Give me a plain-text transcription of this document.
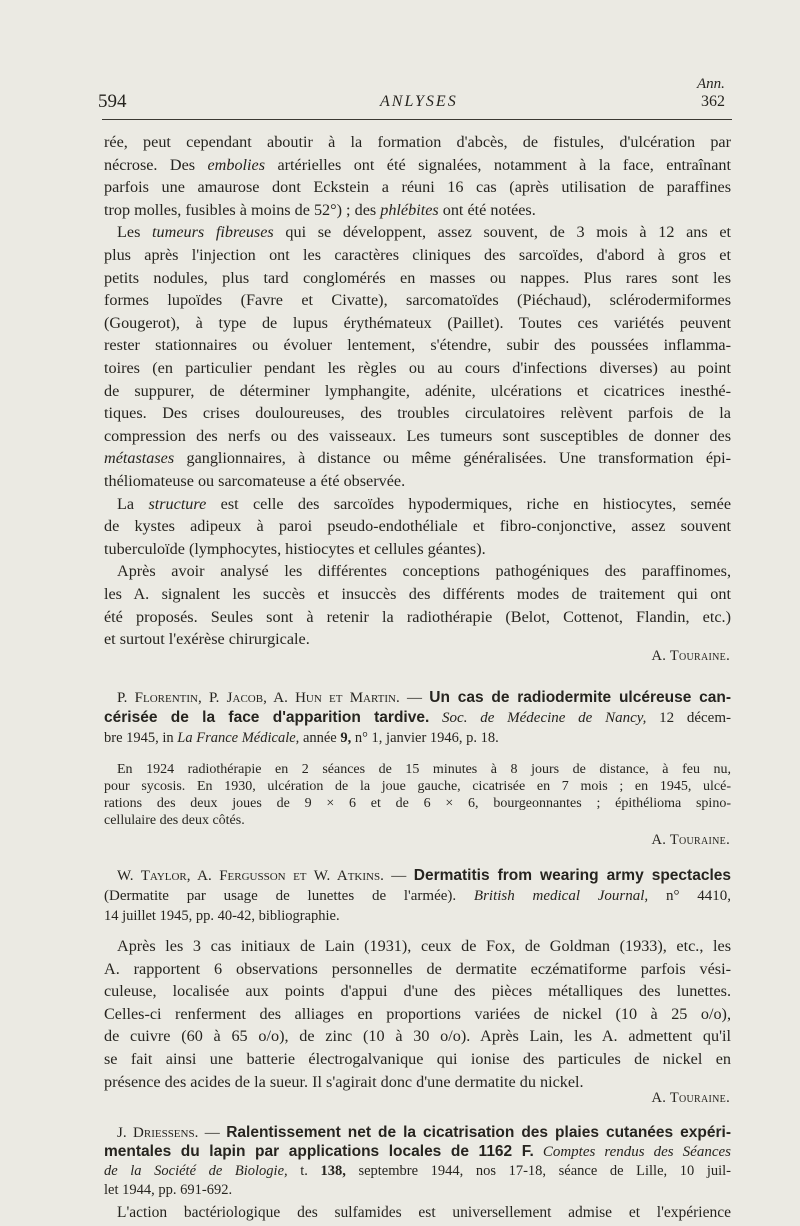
594	ANLYSES
Ann.
362
rée, peut cependant aboutir à la formation d'abcès, de fistules, d'ulcération par
nécrose. Des embolies artérielles ont été signalées, notamment à la face, entraînant
parfois une amaurose dont Eckstein a réuni 16 cas (après utilisation de paraffines
trop molles, fusibles à moins de 52°) ; des phlébites ont été notées.
Les tumeurs fibreuses qui se développent, assez souvent, de 3 mois à 12 ans et
plus après l'injection ont les caractères cliniques des sarcoïdes, d'abord à gros et
petits nodules, plus tard conglomérés en masses ou nappes. Plus rares sont les
formes lupoïdes (Favre et Civatte), sarcomatoïdes (Piéchaud), sclérodermiformes
(Gougerot), à type de lupus érythémateux (Paillet). Toutes ces variétés peuvent
rester stationnaires ou évoluer lentement, s'étendre, subir des poussées inflamma-
toires (en particulier pendant les règles ou au cours d'infections diverses) au point
de suppurer, de déterminer lymphangite, adénite, ulcérations et cicatrices inesthé-
tiques. Des crises douloureuses, des troubles circulatoires relèvent parfois de la
compression des nerfs ou des vaisseaux. Les tumeurs sont susceptibles de donner des
métastases ganglionnaires, à distance ou même généralisées. Une transformation épi-
théliomateuse ou sarcomateuse a été observée.
La structure est celle des sarcoïdes hypodermiques, riche en histiocytes, semée
de kystes adipeux à paroi pseudo-endothéliale et fibro-conjonctive, assez souvent
tuberculoïde (lymphocytes, histiocytes et cellules géantes).
Après avoir analysé les différentes conceptions pathogéniques des paraffinomes,
les A. signalent les succès et insuccès des différents modes de traitement qui ont
été proposés. Seules sont à retenir la radiothérapie (Belot, Cottenot, Flandin, etc.)
et surtout l'exérèse chirurgicale.
A. Touraine.
P. Florentin, P. Jacob, A. Hun et Martin. — Un cas de radiodermite ulcéreuse can-
cérisée de la face d'apparition tardive. Soc. de Médecine de Nancy, 12 décem-
bre 1945, in La France Médicale, année 9, n° 1, janvier 1946, p. 18.
En 1924 radiothérapie en 2 séances de 15 minutes à 8 jours de distance, à feu nu,
pour sycosis. En 1930, ulcération de la joue gauche, cicatrisée en 7 mois ; en 1945, ulcé-
rations des deux joues de 9 × 6 et de 6 × 6, bourgeonnantes ; épithélioma spino-
cellulaire des deux côtés.
A. Touraine.
W. Taylor, A. Fergusson et W. Atkins. — Dermatitis from wearing army spectacles
(Dermatite par usage de lunettes de l'armée). British medical Journal, n° 4410,
14 juillet 1945, pp. 40-42, bibliographie.
Après les 3 cas initiaux de Lain (1931), ceux de Fox, de Goldman (1933), etc., les
A. rapportent 6 observations personnelles de dermatite eczématiforme parfois vési-
culeuse, localisée aux points d'appui d'une des pièces métalliques des lunettes.
Celles-ci renferment des alliages en proportions variées de nickel (10 à 25 o/o),
de cuivre (60 à 65 o/o), de zinc (10 à 30 o/o). Après Lain, les A. admettent qu'il
se fait ainsi une batterie électrogalvanique qui ionise des particules de nickel en
présence des acides de la sueur. Il s'agirait donc d'une dermatite du nickel.
A. Touraine.
J. Driessens. — Ralentissement net de la cicatrisation des plaies cutanées expéri-
mentales du lapin par applications locales de 1162 F. Comptes rendus des Séances
de la Société de Biologie, t. 138, septembre 1944, nos 17-18, séance de Lille, 10 juil-
let 1944, pp. 691-692.
L'action bactériologique des sulfamides est universellement admise et l'expérience
